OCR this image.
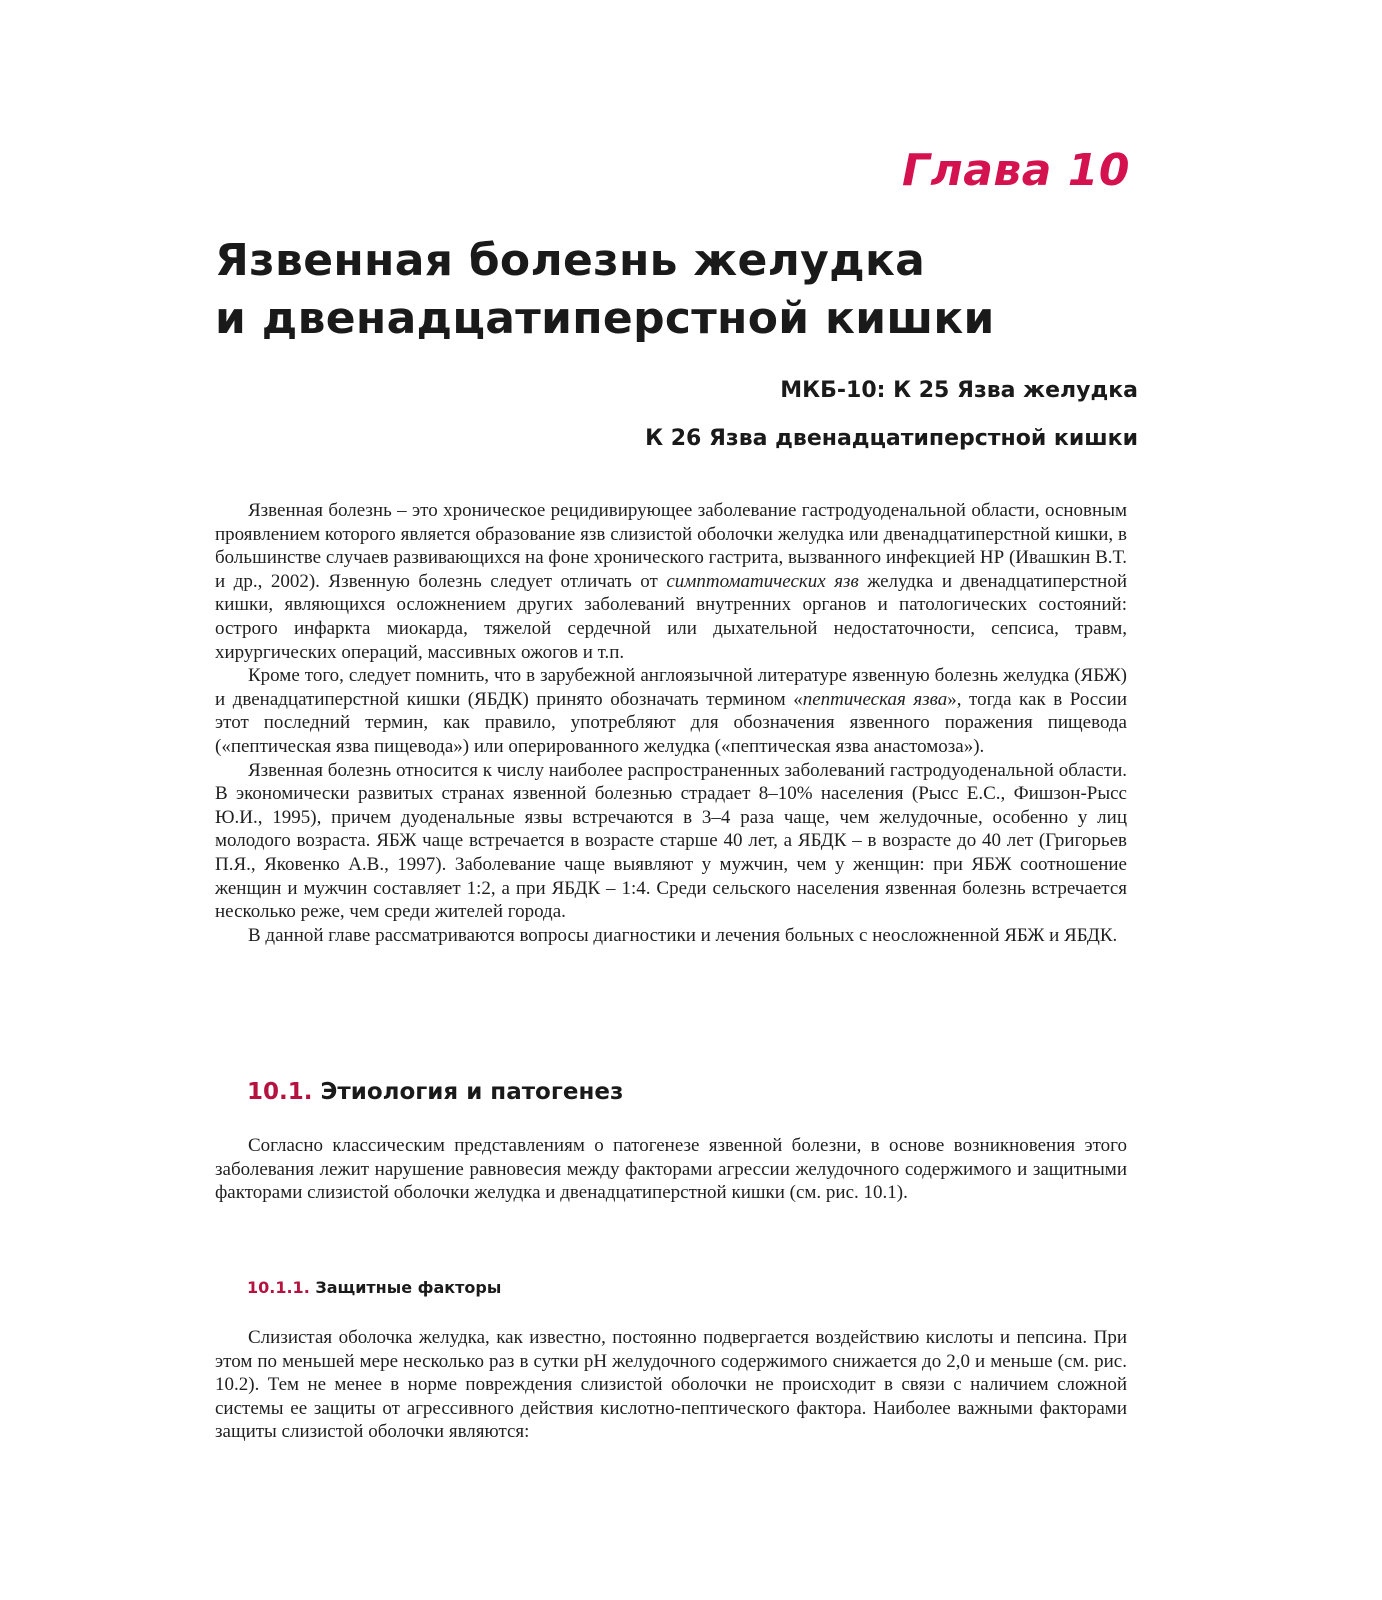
Глава 10
Язвенная болезнь желудка
и двенадцатиперстной кишки
МКБ-10: К 25 Язва желудка
К 26 Язва двенадцатиперстной кишки

Язвенная болезнь – это хроническое рецидивирующее заболевание гастродуоденальной области, основным проявлением которого является образование язв слизистой оболочки желудка или двенадцатиперстной кишки, в большинстве случаев развивающихся на фоне хронического гастрита, вызванного инфекцией НР (Ивашкин В.Т. и др., 2002). Язвенную болезнь следует отличать от симптоматических язв желудка и двенадцатиперстной кишки, являющихся осложнением других заболеваний внутренних органов и патологических состояний: острого инфаркта миокарда, тяжелой сердечной или дыхательной недостаточности, сепсиса, травм, хирургических операций, массивных ожогов и т.п.

Кроме того, следует помнить, что в зарубежной англоязычной литературе язвенную болезнь желудка (ЯБЖ) и двенадцатиперстной кишки (ЯБДК) принято обозначать термином «пептическая язва», тогда как в России этот последний термин, как правило, употребляют для обозначения язвенного поражения пищевода («пептическая язва пищевода») или оперированного желудка («пептическая язва анастомоза»).

Язвенная болезнь относится к числу наиболее распространенных заболеваний гастродуоденальной области. В экономически развитых странах язвенной болезнью страдает 8–10% населения (Рысс Е.С., Фишзон-Рысс Ю.И., 1995), причем дуоденальные язвы встречаются в 3–4 раза чаще, чем желудочные, особенно у лиц молодого возраста. ЯБЖ чаще встречается в возрасте старше 40 лет, а ЯБДК – в возрасте до 40 лет (Григорьев П.Я., Яковенко А.В., 1997). Заболевание чаще выявляют у мужчин, чем у женщин: при ЯБЖ соотношение женщин и мужчин составляет 1:2, а при ЯБДК – 1:4. Среди сельского населения язвенная болезнь встречается несколько реже, чем среди жителей города.

В данной главе рассматриваются вопросы диагностики и лечения больных с неосложненной ЯБЖ и ЯБДК.

10.1. Этиология и патогенез

Согласно классическим представлениям о патогенезе язвенной болезни, в основе возникновения этого заболевания лежит нарушение равновесия между факторами агрессии желудочного содержимого и защитными факторами слизистой оболочки желудка и двенадцатиперстной кишки (см. рис. 10.1).

10.1.1. Защитные факторы

Слизистая оболочка желудка, как известно, постоянно подвергается воздействию кислоты и пепсина. При этом по меньшей мере несколько раз в сутки pH желудочного содержимого снижается до 2,0 и меньше (см. рис. 10.2). Тем не менее в норме повреждения слизистой оболочки не происходит в связи с наличием сложной системы ее защиты от агрессивного действия кислотно-пептического фактора. Наиболее важными факторами защиты слизистой оболочки являются:
